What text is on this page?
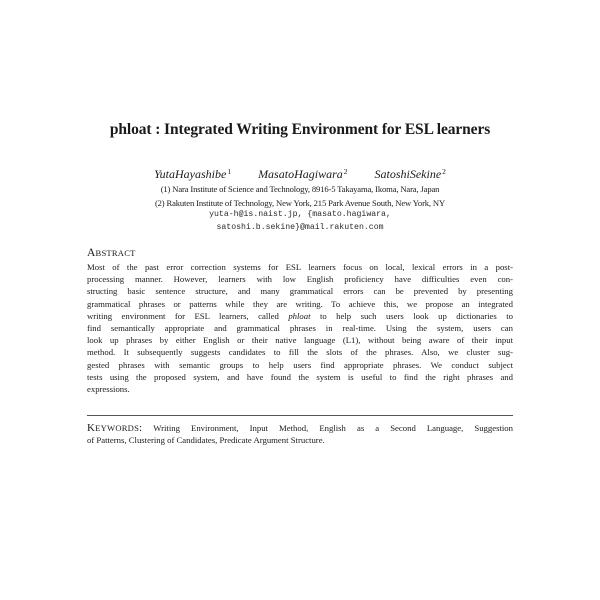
phloat : Integrated Writing Environment for ESL learners
YutaHayashibe$^1$ MasatoHagiwara$^2$ SatoshiSekine$^2$
(1) Nara Institute of Science and Technology, 8916-5 Takayama, Ikoma, Nara, Japan
(2) Rakuten Institute of Technology, New York, 215 Park Avenue South, New York, NY
yuta-h@is.naist.jp, {masato.hagiwara,
satoshi.b.sekine}@mail.rakuten.com
ABSTRACT
Most of the past error correction systems for ESL learners focus on local, lexical errors in a post-
processing manner. However, learners with low English proficiency have difficulties even con-
structing basic sentence structure, and many grammatical errors can be prevented by presenting
grammatical phrases or patterns while they are writing. To achieve this, we propose an integrated
writing environment for ESL learners, called phloat to help such users look up dictionaries to
find semantically appropriate and grammatical phrases in real-time. Using the system, users can
look up phrases by either English or their native language (L1), without being aware of their input
method. It subsequently suggests candidates to fill the slots of the phrases. Also, we cluster sug-
gested phrases with semantic groups to help users find appropriate phrases. We conduct subject
tests using the proposed system, and have found the system is useful to find the right phrases and
expressions.
KEYWORDS: Writing Environment, Input Method, English as a Second Language, Suggestion
of Patterns, Clustering of Candidates, Predicate Argument Structure.
